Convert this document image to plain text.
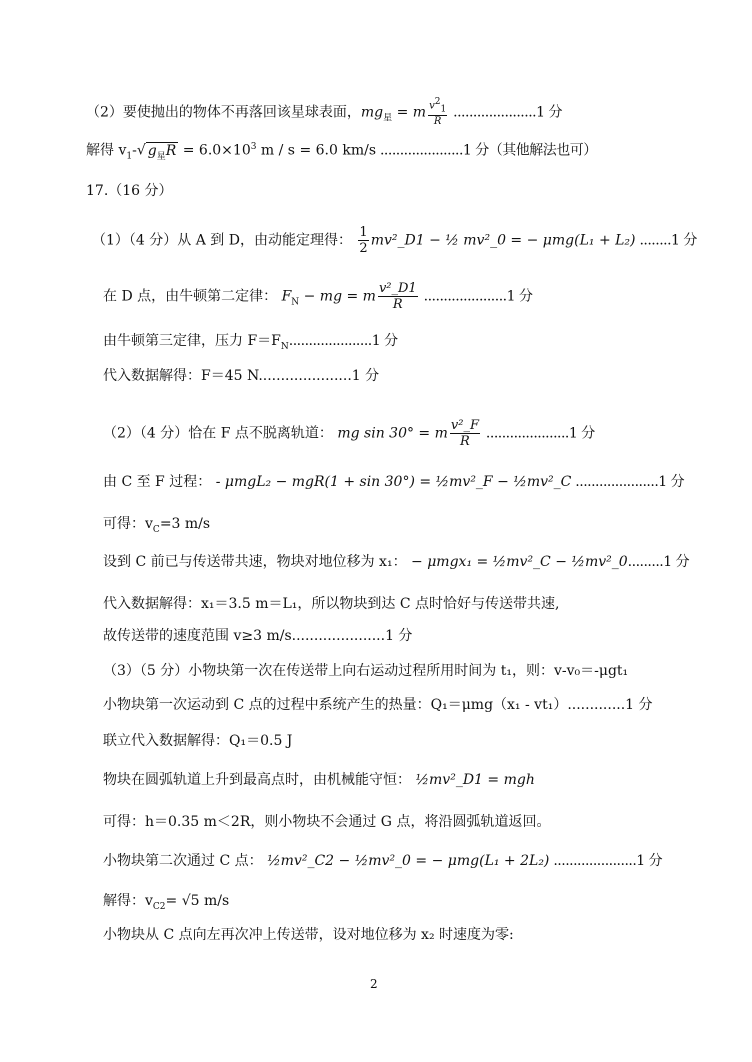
（2）要使抛出的物体不再落回该星球表面，$mg_星 = m \frac{v^2_1}{R} .....................1$ 分
解得 $v_1-√$ $g_星R = 6.0\times 10^3$ m / s = 6.0 km/s .....................1 分（其他解法也可）
17.（16 分）
（1）（4 分）从 A 到 D，由动能定理得： $\frac{1}{2}$ mv²_D1 − ½ mv²_0 = − μmg(L₁ + L₂) ........1 分
在 D 点，由牛顿第二定律： $F_N$ − mg = m $\frac{\text{v²\_D1}}{R} .....................1$ 分
由牛顿第三定律，压力 $F=F_N.....................1$ 分
代入数据解得：F＝45 N.....................1 分
（2）（4 分）恰在 F 点不脱离轨道： mg sin 30° = m $\frac{\text{v²\_F}}{R} .....................1$ 分
由 C 至 F 过程： - μmgL₂ − mgR(1 + sin 30°) = ½mv²_F − ½mv²_C .....................1 分
可得：$v_C=3$ m/s
设到 C 前已与传送带共速，物块对地位移为 x₁： − μmgx₁ = ½mv²_C − ½mv²_0.........1 分
代入数据解得：x₁＝3.5 m＝L₁，所以物块到达 C 点时恰好与传送带共速,
故传送带的速度范围 v≥3 m/s.....................1 分
（3）（5 分）小物块第一次在传送带上向右运动过程所用时间为 t₁，则：v-v₀＝-μgt₁
小物块第一次运动到 C 点的过程中系统产生的热量：Q₁＝μmg（x₁ - vt₁）.............1 分
联立代入数据解得：Q₁＝0.5 J
物块在圆弧轨道上升到最高点时，由机械能守恒： ½mv²_D1 = mgh
可得：h＝0.35 m＜2R，则小物块不会通过 G 点，将沿圆弧轨道返回。
小物块第二次通过 C 点： ½mv²_C2 − ½mv²_0 = − μmg(L₁ + 2L₂) .....................1 分
解得：$v_{C2}= √5$ m/s
小物块从 C 点向左再次冲上传送带，设对地位移为 x₂ 时速度为零:
2
